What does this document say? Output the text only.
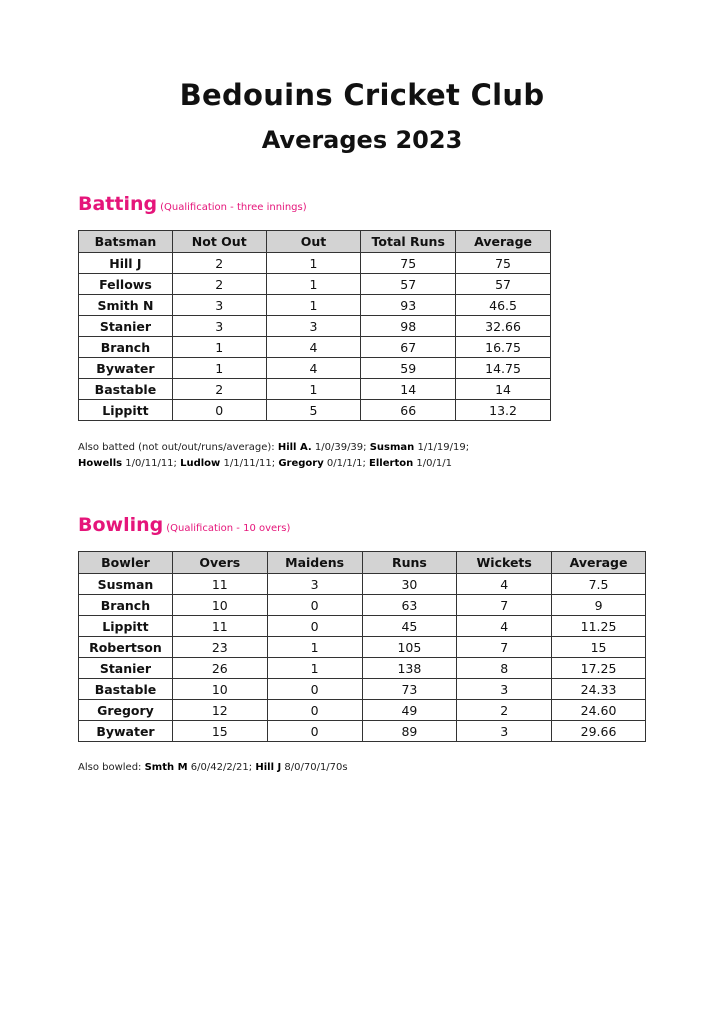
Bedouins Cricket Club
Averages 2023
Batting (Qualification - three innings)
Batsman	Not Out	Out	Total Runs	Average
Hill J	2	1	75	75
Fellows	2	1	57	57
Smith N	3	1	93	46.5
Stanier	3	3	98	32.66
Branch	1	4	67	16.75
Bywater	1	4	59	14.75
Bastable	2	1	14	14
Lippitt	0	5	66	13.2
Also batted (not out/out/runs/average): Hill A. 1/0/39/39; Susman 1/1/19/19;
Howells 1/0/11/11; Ludlow 1/1/11/11; Gregory 0/1/1/1; Ellerton 1/0/1/1
Bowling (Qualification - 10 overs)
Bowler	Overs	Maidens	Runs	Wickets	Average
Susman	11	3	30	4	7.5
Branch	10	0	63	7	9
Lippitt	11	0	45	4	11.25
Robertson	23	1	105	7	15
Stanier	26	1	138	8	17.25
Bastable	10	0	73	3	24.33
Gregory	12	0	49	2	24.60
Bywater	15	0	89	3	29.66
Also bowled: Smth M 6/0/42/2/21; Hill J 8/0/70/1/70s
